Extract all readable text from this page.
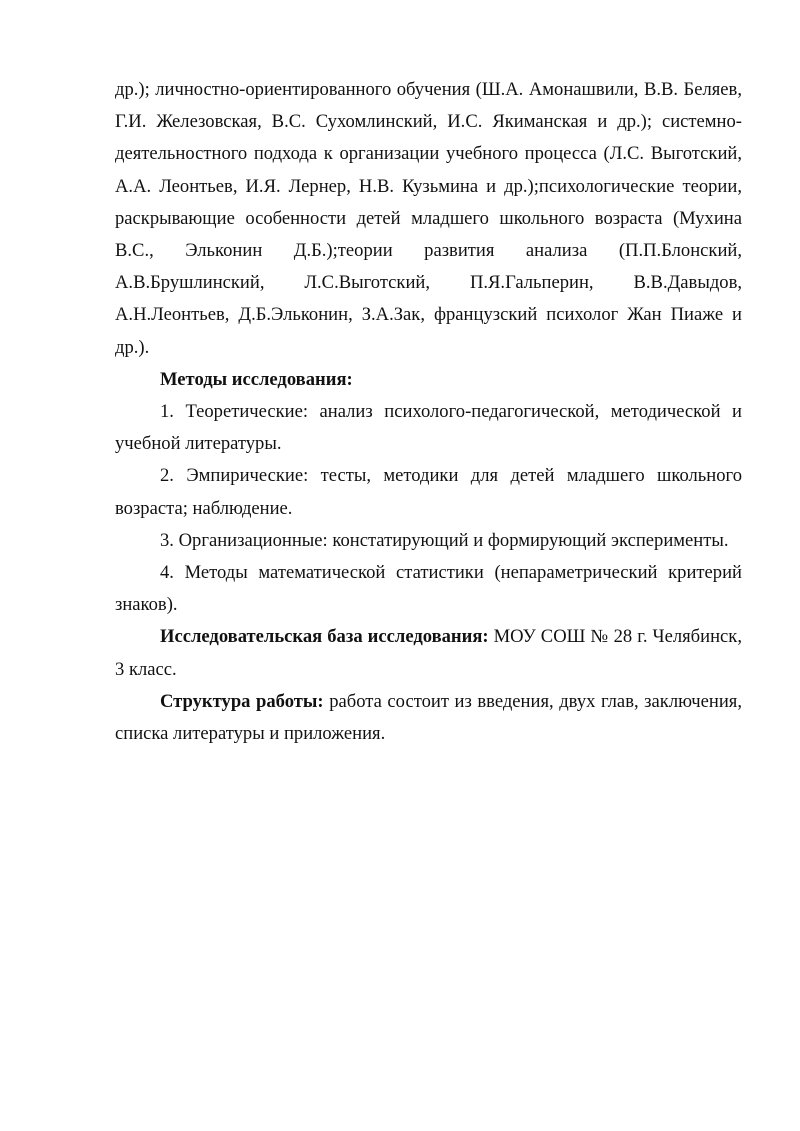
др.); личностно-ориентированного обучения (Ш.А. Амонашвили, В.В. Беляев, Г.И. Железовская, В.С. Сухомлинский, И.С. Якиманская и др.); системно-деятельностного подхода к организации учебного процесса (Л.С. Выготский, А.А. Леонтьев, И.Я. Лернер, Н.В. Кузьмина и др.);психологические теории, раскрывающие особенности детей младшего школьного возраста (Мухина В.С., Эльконин Д.Б.);теории развития анализа (П.П.Блонский, А.В.Брушлинский, Л.С.Выготский, П.Я.Гальперин, В.В.Давыдов, А.Н.Леонтьев, Д.Б.Эльконин, З.А.Зак, французский психолог Жан Пиаже и др.).

Методы исследования:

1. Теоретические: анализ психолого-педагогической, методической и учебной литературы.

2. Эмпирические: тесты, методики для детей младшего школьного возраста; наблюдение.

3. Организационные: констатирующий и формирующий эксперименты.

4. Методы математической статистики (непараметрический критерий знаков).

Исследовательская база исследования: МОУ СОШ № 28 г. Челябинск, 3 класс.

Структура работы: работа состоит из введения, двух глав, заключения, списка литературы и приложения.
